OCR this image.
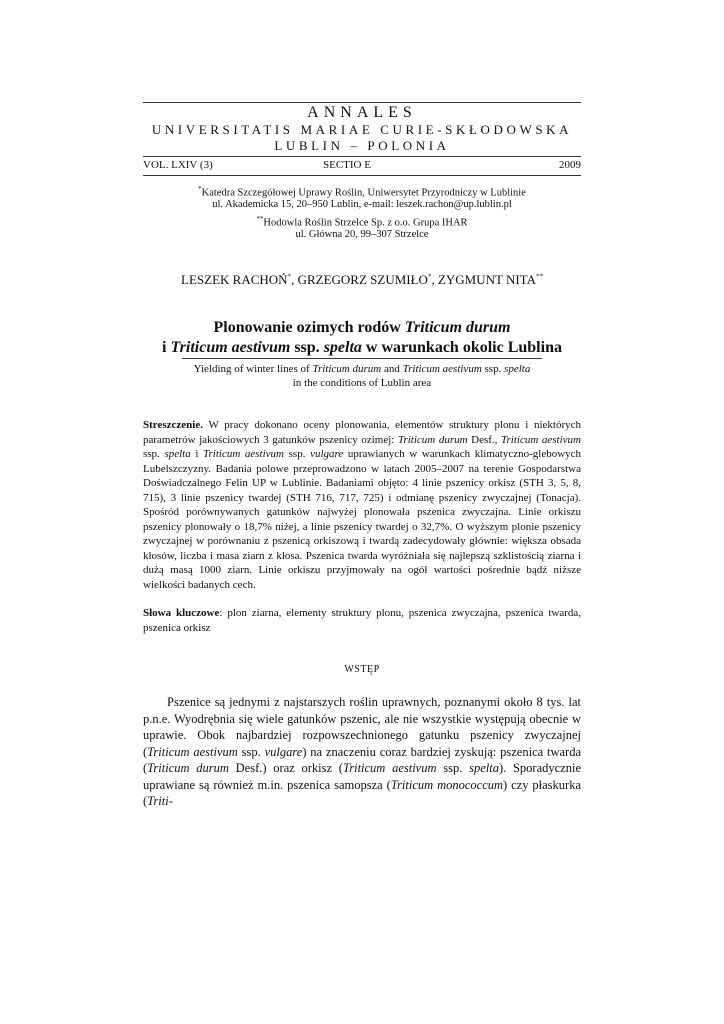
ANNALES
UNIVERSITATIS MARIAE CURIE-SKŁODOWSKA
LUBLIN – POLONIA
VOL. LXIV (3)	SECTIO E	2009
*Katedra Szczegółowej Uprawy Roślin, Uniwersytet Przyrodniczy w Lublinie
ul. Akademicka 15, 20–950 Lublin, e-mail: leszek.rachon@up.lublin.pl
**Hodowla Roślin Strzelce Sp. z o.o. Grupa IHAR
ul. Główna 20, 99–307 Strzelce
LESZEK RACHOŃ*, GRZEGORZ SZUMIŁO*, ZYGMUNT NITA**
Plonowanie ozimych rodów Triticum durum
i Triticum aestivum ssp. spelta w warunkach okolic Lublina
Yielding of winter lines of Triticum durum and Triticum aestivum ssp. spelta
in the conditions of Lublin area
Streszczenie. W pracy dokonano oceny plonowania, elementów struktury plonu i niektórych parametrów jakościowych 3 gatunków pszenicy ozimej: Triticum durum Desf., Triticum aestivum ssp. spelta i Triticum aestivum ssp. vulgare uprawianych w warunkach klimatyczno-glebowych Lubelszczyzny. Badania polowe przeprowadzono w latach 2005–2007 na terenie Gospodarstwa Doświadczalnego Felin UP w Lublinie. Badaniami objęto: 4 linie pszenicy orkisz (STH 3, 5, 8, 715), 3 linie pszenicy twardej (STH 716, 717, 725) i odmianę pszenicy zwyczajnej (Tonacja). Spośród porównywanych gatunków najwyżej plonowała pszenica zwyczajna. Linie orkiszu pszenicy plonowały o 18,7% niżej, a linie pszenicy twardej o 32,7%. O wyższym plonie pszenicy zwyczajnej w porównaniu z pszenicą orkiszową i twardą zadecydowały głównie: większa obsada kłosów, liczba i masa ziarn z kłosa. Pszenica twarda wyróżniała się najlepszą szklistością ziarna i dużą masą 1000 ziarn. Linie orkiszu przyjmowały na ogół wartości pośrednie bądź niższe wielkości badanych cech.
Słowa kluczowe: plon ziarna, elementy struktury plonu, pszenica zwyczajna, pszenica twarda, pszenica orkisz
WSTĘP
Pszenice są jednymi z najstarszych roślin uprawnych, poznanymi około 8 tys. lat p.n.e. Wyodrębnia się wiele gatunków pszenic, ale nie wszystkie występują obecnie w uprawie. Obok najbardziej rozpowszechnionego gatunku pszenicy zwyczajnej (Triticum aestivum ssp. vulgare) na znaczeniu coraz bardziej zyskują: pszenica twarda (Triticum durum Desf.) oraz orkisz (Triticum aestivum ssp. spelta). Sporadycznie uprawiane są również m.in. pszenica samopsza (Triticum monococcum) czy płaskurka (Triti-
